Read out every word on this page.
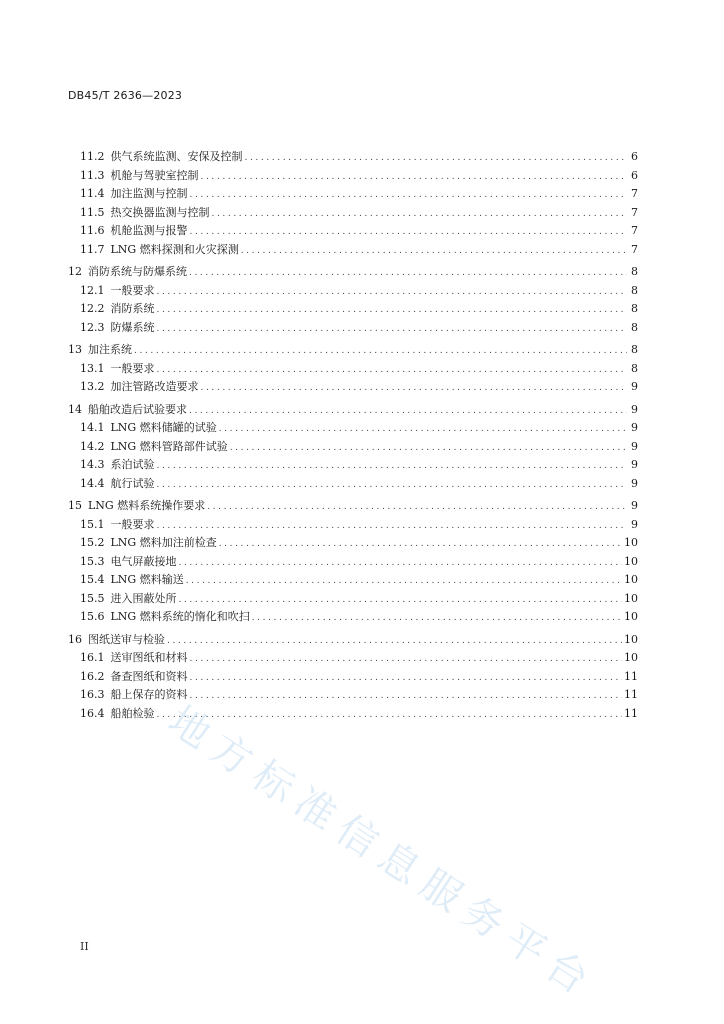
DB45/T 2636—2023
11.2 供气系统监测、安保及控制 .....	6
11.3 机舱与驾驶室控制 .....	6
11.4 加注监测与控制 .....	7
11.5 热交换器监测与控制 .....	7
11.6 机舱监测与报警 .....	7
11.7 LNG 燃料探测和火灾探测 .....	7
12 消防系统与防爆系统 .....	8
12.1 一般要求 .....	8
12.2 消防系统 .....	8
12.3 防爆系统 .....	8
13 加注系统 .....	8
13.1 一般要求 .....	8
13.2 加注管路改造要求 .....	9
14 船舶改造后试验要求 .....	9
14.1 LNG 燃料储罐的试验 .....	9
14.2 LNG 燃料管路部件试验 .....	9
14.3 系泊试验 .....	9
14.4 航行试验 .....	9
15 LNG 燃料系统操作要求 .....	9
15.1 一般要求 .....	9
15.2 LNG 燃料加注前检查 .....	10
15.3 电气屏蔽接地 .....	10
15.4 LNG 燃料输送 .....	10
15.5 进入围蔽处所 .....	10
15.6 LNG 燃料系统的惰化和吹扫 .....	10
16 图纸送审与检验 .....	10
16.1 送审图纸和材料 .....	10
16.2 备查图纸和资料 .....	11
16.3 船上保存的资料 .....	11
16.4 船舶检验 .....	11
II 地方标准信息服务平台
